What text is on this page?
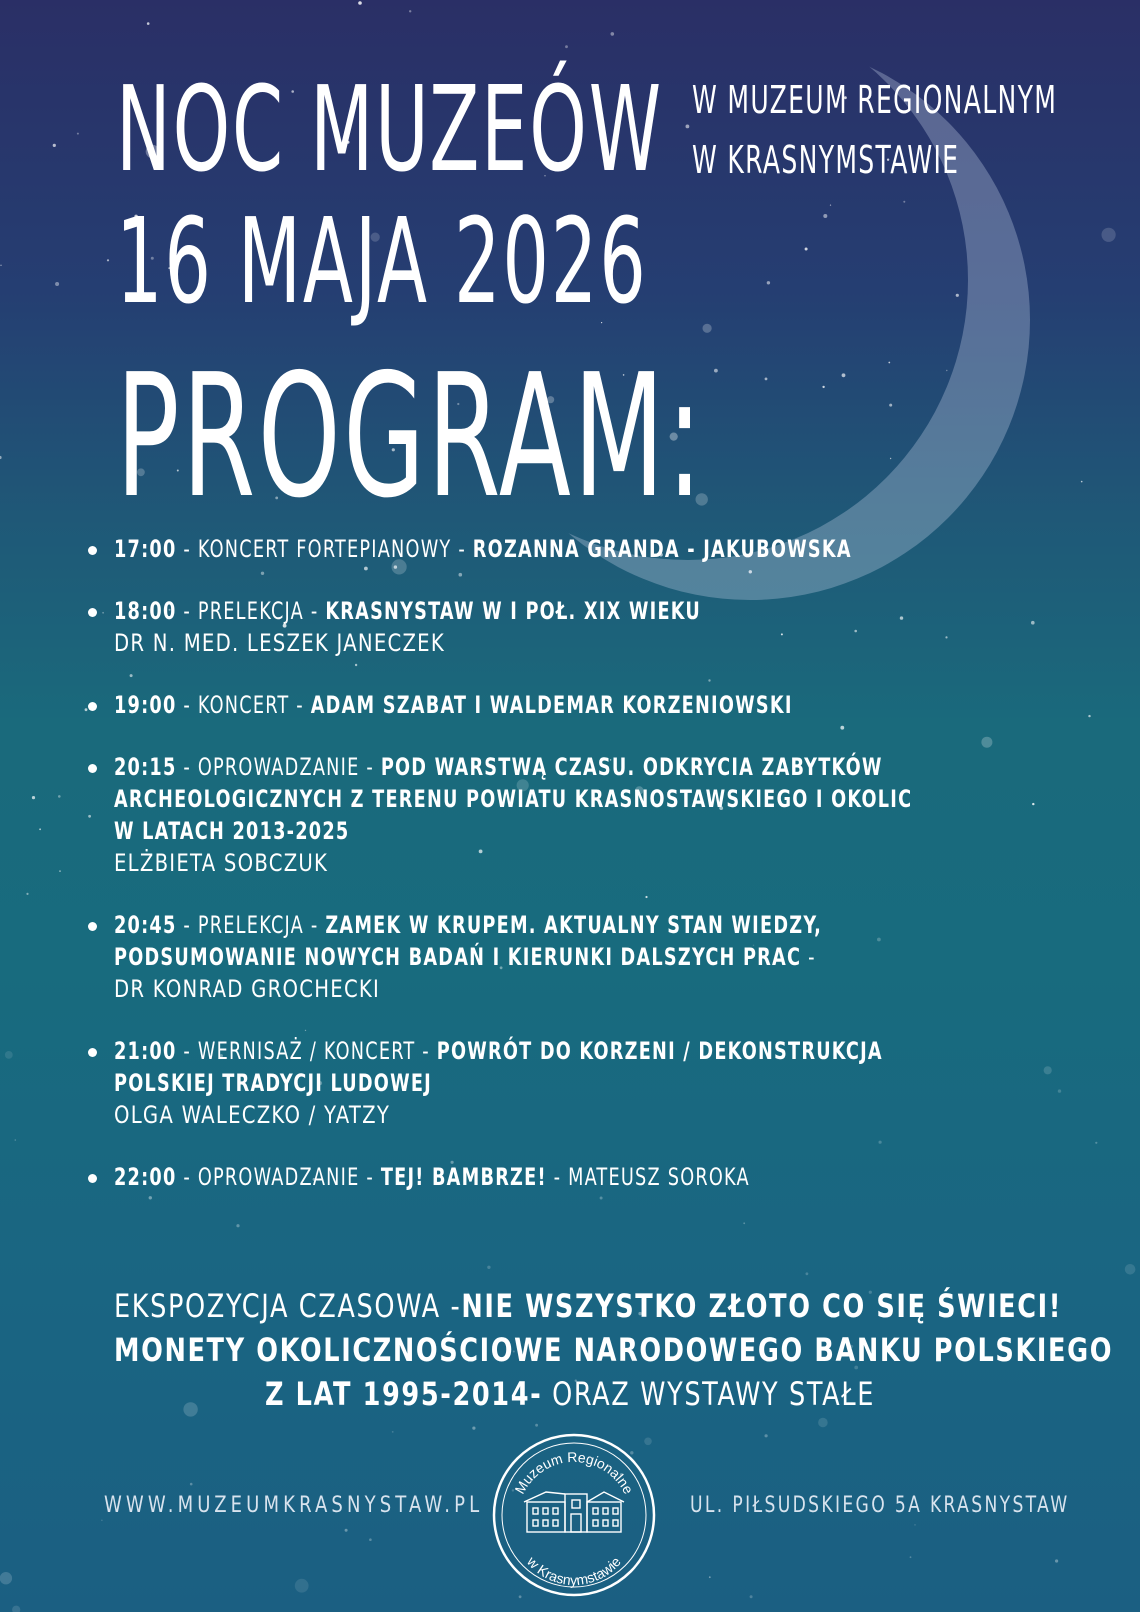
NOC MUZEÓW
16 MAJA 2026
PROGRAM:
W MUZEUM REGIONALNYM
W KRASNYMSTAWIE
17:00 - KONCERT FORTEPIANOWY - ROZANNA GRANDA - JAKUBOWSKA
18:00 - PRELEKCJA - KRASNYSTAW W I POŁ. XIX WIEKU
DR N. MED. LESZEK JANECZEK
19:00 - KONCERT - ADAM SZABAT I WALDEMAR KORZENIOWSKI
20:15 - OPROWADZANIE - POD WARSTWĄ CZASU. ODKRYCIA ZABYTKÓW
ARCHEOLOGICZNYCH Z TERENU POWIATU KRASNOSTAWSKIEGO I OKOLIC
W LATACH 2013-2025
ELŻBIETA SOBCZUK
20:45 - PRELEKCJA - ZAMEK W KRUPEM. AKTUALNY STAN WIEDZY,
PODSUMOWANIE NOWYCH BADAŃ I KIERUNKI DALSZYCH PRAC -
DR KONRAD GROCHECKI
21:00 - WERNISAŻ / KONCERT - POWRÓT DO KORZENI / DEKONSTRUKCJA
POLSKIEJ TRADYCJI LUDOWEJ
OLGA WALECZKO / YATZY
22:00 - OPROWADZANIE - TEJ! BAMBRZE! - MATEUSZ SOROKA
EKSPOZYCJA CZASOWA -NIE WSZYSTKO ZŁOTO CO SIĘ ŚWIECI!
MONETY OKOLICZNOŚCIOWE NARODOWEGO BANKU POLSKIEGO
Z LAT 1995-2014- ORAZ WYSTAWY STAŁE
WWW.MUZEUMKRASNYSTAW.PL
Muzeum Regionalne
w Krasnymstawie
UL. PIŁSUDSKIEGO 5A KRASNYSTAW
